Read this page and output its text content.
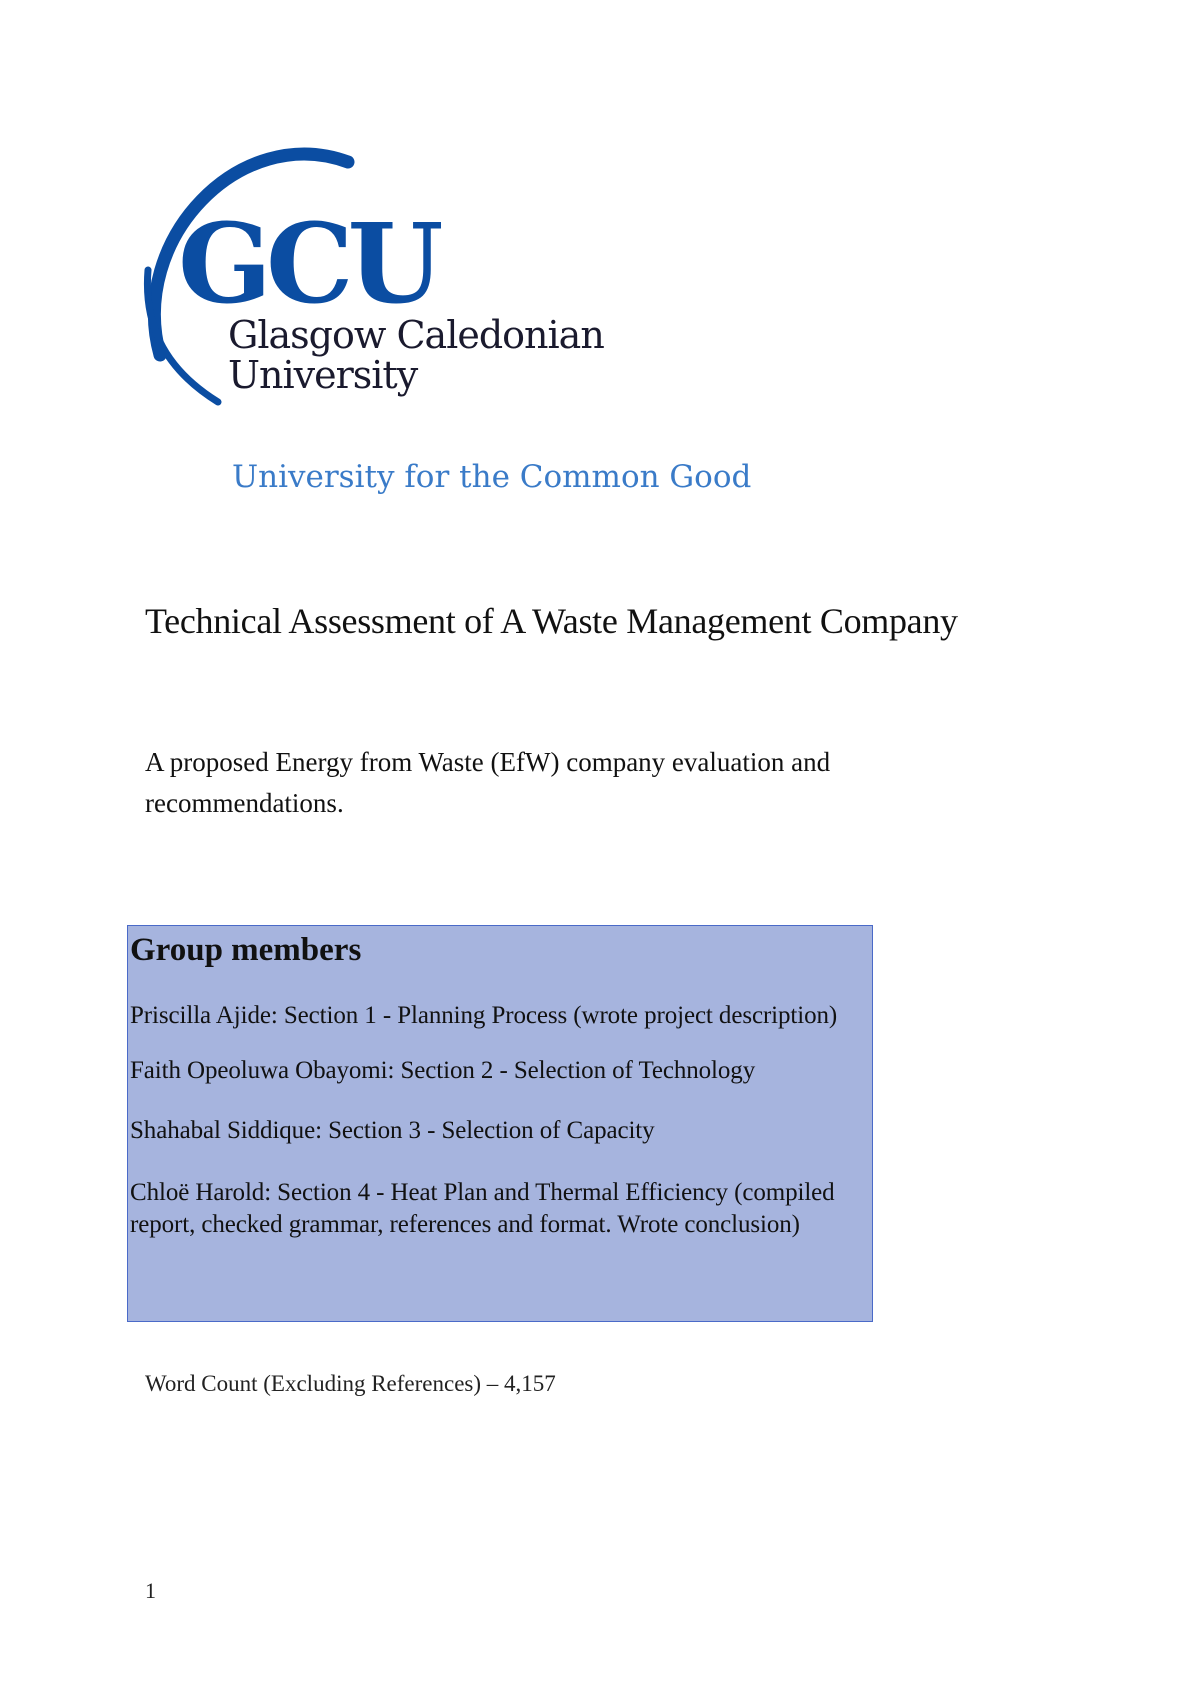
GCU
Glasgow Caledonian
University
University for the Common Good
Technical Assessment of A Waste Management Company

A proposed Energy from Waste (EfW) company evaluation and recommendations.

Group members
Priscilla Ajide: Section 1 - Planning Process (wrote project description)
Faith Opeoluwa Obayomi: Section 2 - Selection of Technology
Shahabal Siddique: Section 3 - Selection of Capacity
Chloë Harold: Section 4 - Heat Plan and Thermal Efficiency (compiled report, checked grammar, references and format. Wrote conclusion)

Word Count (Excluding References) – 4,157

1
